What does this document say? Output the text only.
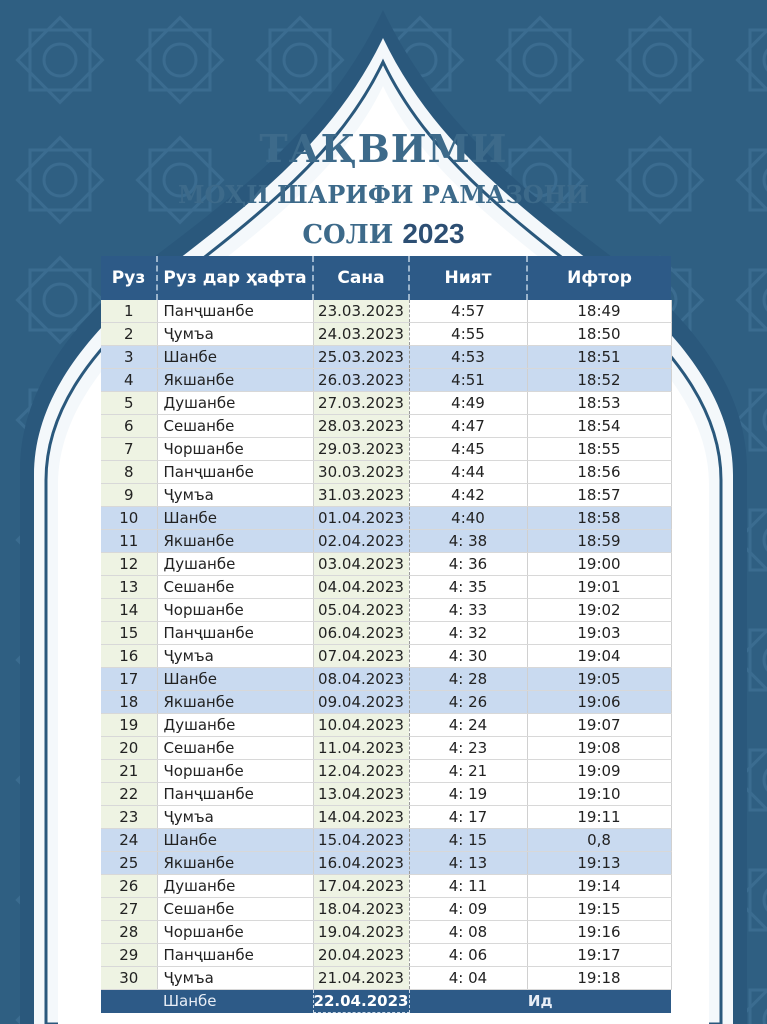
ТАҚВИМИ
МОҲИ ШАРИФИ РАМАЗОНИ
СОЛИ 2023
Руз	Руз дар ҳафта	Сана	Ният	Ифтор
1	Панҷшанбе	23.03.2023	4:57	18:49
2	Ҷумъа	24.03.2023	4:55	18:50
3	Шанбе	25.03.2023	4:53	18:51
4	Якшанбе	26.03.2023	4:51	18:52
5	Душанбе	27.03.2023	4:49	18:53
6	Сешанбе	28.03.2023	4:47	18:54
7	Чоршанбе	29.03.2023	4:45	18:55
8	Панҷшанбе	30.03.2023	4:44	18:56
9	Ҷумъа	31.03.2023	4:42	18:57
10	Шанбе	01.04.2023	4:40	18:58
11	Якшанбе	02.04.2023	4: 38	18:59
12	Душанбе	03.04.2023	4: 36	19:00
13	Сешанбе	04.04.2023	4: 35	19:01
14	Чоршанбе	05.04.2023	4: 33	19:02
15	Панҷшанбе	06.04.2023	4: 32	19:03
16	Ҷумъа	07.04.2023	4: 30	19:04
17	Шанбе	08.04.2023	4: 28	19:05
18	Якшанбе	09.04.2023	4: 26	19:06
19	Душанбе	10.04.2023	4: 24	19:07
20	Сешанбе	11.04.2023	4: 23	19:08
21	Чоршанбе	12.04.2023	4: 21	19:09
22	Панҷшанбе	13.04.2023	4: 19	19:10
23	Ҷумъа	14.04.2023	4: 17	19:11
24	Шанбе	15.04.2023	4: 15	0,8
25	Якшанбе	16.04.2023	4: 13	19:13
26	Душанбе	17.04.2023	4: 11	19:14
27	Сешанбе	18.04.2023	4: 09	19:15
28	Чоршанбе	19.04.2023	4: 08	19:16
29	Панҷшанбе	20.04.2023	4: 06	19:17
30	Ҷумъа	21.04.2023	4: 04	19:18
	Шанбе	22.04.2023	Ид	
